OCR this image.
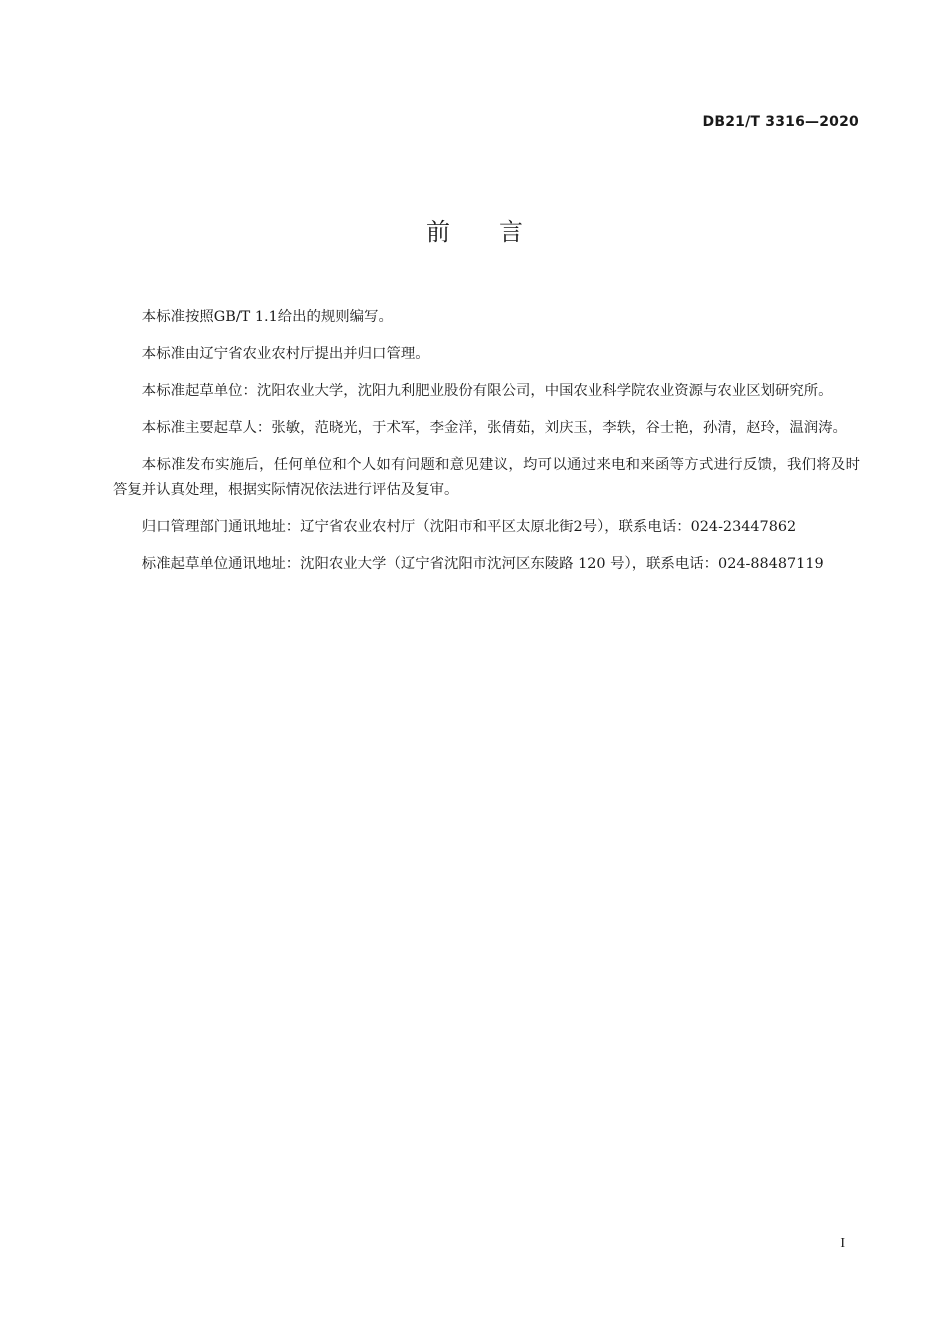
DB21/T 3316—2020
前 言

本标准按照GB/T 1.1给出的规则编写。

本标准由辽宁省农业农村厅提出并归口管理。

本标准起草单位：沈阳农业大学，沈阳九利肥业股份有限公司，中国农业科学院农业资源与农业区划研究所。

本标准主要起草人：张敏，范晓光，于术军，李金洋，张倩茹，刘庆玉，李轶，谷士艳，孙清，赵玲，温润涛。

本标准发布实施后，任何单位和个人如有问题和意见建议，均可以通过来电和来函等方式进行反馈，我们将及时答复并认真处理，根据实际情况依法进行评估及复审。

归口管理部门通讯地址：辽宁省农业农村厅（沈阳市和平区太原北街2号），联系电话：024-23447862

标准起草单位通讯地址：沈阳农业大学（辽宁省沈阳市沈河区东陵路 120 号），联系电话：024-88487119

I
